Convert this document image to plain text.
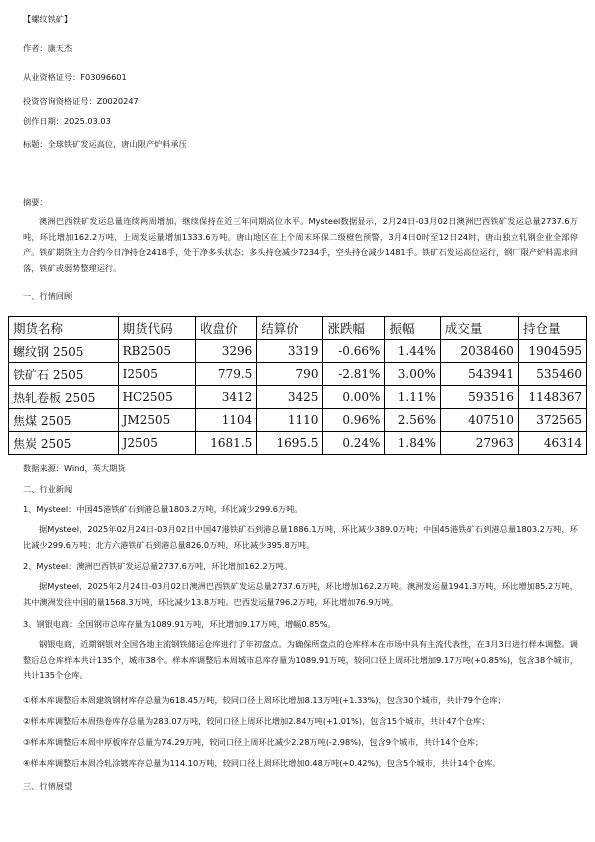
【螺纹铁矿】
作者：康天杰
从业资格证号：F03096601
投资咨询资格证号：Z0020247
创作日期：2025.03.03
标题：全球铁矿发运高位，唐山限产炉料承压
摘要：
澳洲巴西铁矿发运总量连续两周增加，继续保持在近三年同期高位水平。Mysteel数据显示，2月24日-03月02日澳洲巴西铁矿发运总量2737.6万吨，环比增加162.2万吨，上周发运量增加1333.6万吨。唐山地区在上个周末环保二级橙色预警，3月4日0时至12日24时，唐山独立轧钢企业全部停产。铁矿期货主力合约今日净持仓2418手，处于净多头状态；多头持仓减少7234手，空头持仓减少1481手。铁矿石发运高位运行，钢厂限产炉料需求回落，铁矿或弱势整理运行。
一、行情回顾
期货名称	期货代码	收盘价	结算价	涨跌幅	振幅	成交量	持仓量
螺纹钢 2505	RB2505	3296	3319	-0.66%	1.44%	2038460	1904595
铁矿石 2505	I2505	779.5	790	-2.81%	3.00%	543941	535460
热轧卷板 2505	HC2505	3412	3425	0.00%	1.11%	593516	1148367
焦煤 2505	JM2505	1104	1110	0.96%	2.56%	407510	372565
焦炭 2505	J2505	1681.5	1695.5	0.24%	1.84%	27963	46314
数据来源：Wind，英大期货
二、行业新闻
1、Mysteel：中国45港铁矿石到港总量1803.2万吨，环比减少299.6万吨。
据Mysteel，2025年02月24日-03月02日中国47港铁矿石到港总量1886.1万吨，环比减少389.0万吨；中国45港铁矿石到港总量1803.2万吨，环比减少299.6万吨；北方六港铁矿石到港总量826.0万吨，环比减少395.8万吨。
2、Mysteel：澳洲巴西铁矿发运总量2737.6万吨，环比增加162.2万吨。
据Mysteel，2025年2月24日-03月02日澳洲巴西铁矿发运总量2737.6万吨，环比增加162.2万吨。澳洲发运量1941.3万吨，环比增加85.2万吨，其中澳洲发往中国的量1568.3万吨，环比减少13.8万吨。巴西发运量796.2万吨，环比增加76.9万吨。
3、钢银电商：全国钢市总库存量为1089.91万吨，环比增加9.17万吨，增幅0.85%。
钢银电商，近期钢银对全国各地主流钢铁储运仓库进行了年初盘点。为确保所盘点的仓库样本在市场中具有主流代表性，在3月3日进行样本调整。调整后总仓库样本共计135个，城市38个。样本库调整后本周城市总库存量为1089.91万吨，较同口径上周环比增加9.17万吨(+0.85%)，包含38个城市，共计135个仓库。
①样本库调整后本周建筑钢材库存总量为618.45万吨，较同口径上周环比增加8.13万吨(+1.33%)，包含30个城市，共计79个仓库；
②样本库调整后本周热卷库存总量为283.07万吨，较同口径上周环比增加2.84万吨(+1.01%)，包含15个城市，共计47个仓库；
③样本库调整后本周中厚板库存总量为74.29万吨，较同口径上周环比减少2.28万吨(-2.98%)，包含9个城市，共计14个仓库；
④样本库调整后本周冷轧涂镀库存总量为114.10万吨，较同口径上周环比增加0.48万吨(+0.42%)，包含5个城市，共计14个仓库。
三、行情展望
